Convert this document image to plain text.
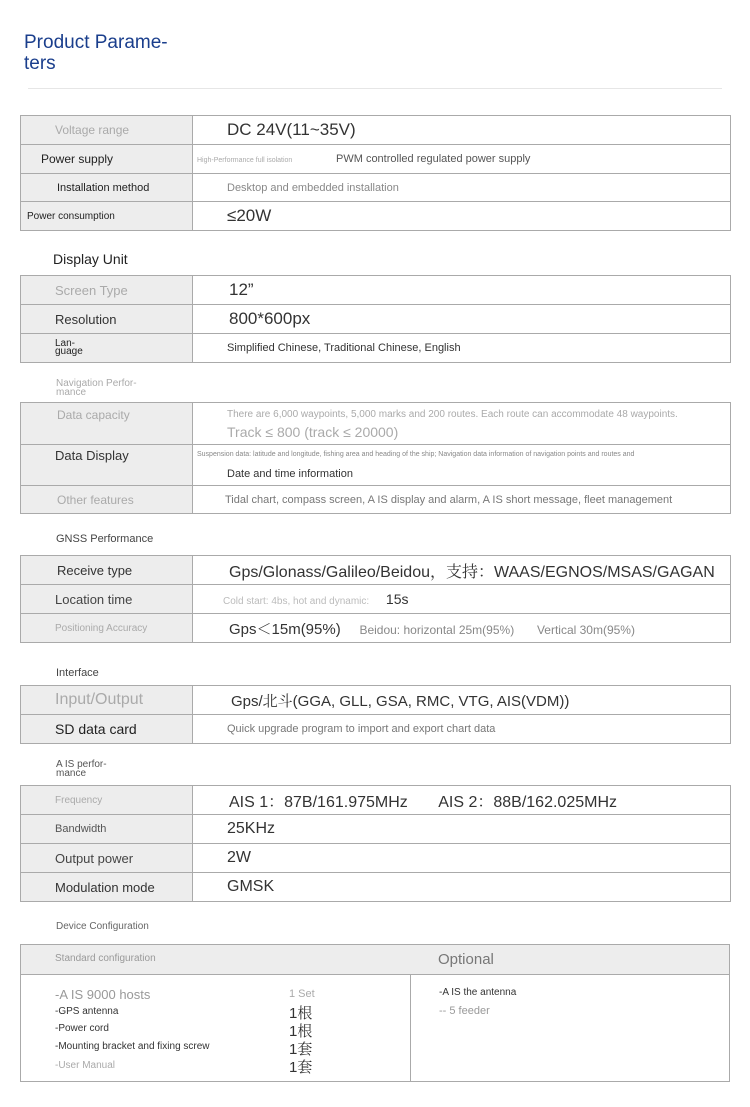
Product Parame-
ters
Voltage range	DC 24V(11~35V)
Power supply	High-Performance full isolation PWM controlled regulated power supply
Installation method	Desktop and embedded installation
Power consumption	≤20W
Display Unit
Screen Type	12”
Resolution	800*600px
Lan-
guage	Simplified Chinese, Traditional Chinese, English
Navigation Perfor-
mance
Data capacity	There are 6,000 waypoints, 5,000 marks and 200 routes. Each route can accommodate 48 waypoints.
Track ≤ 800 (track ≤ 20000)

Data Display	Suspension data: latitude and longitude, fishing area and heading of the ship; Navigation data information of navigation points and routes and
Date and time information

Other features	Tidal chart, compass screen, A IS display and alarm, A IS short message, fleet management
GNSS Performance
Receive type	Gps/Glonass/Galileo/Beidou，支持：WAAS/EGNOS/MSAS/GAGAN
Location time	Cold start: 4bs, hot and dynamic: 15s
Positioning Accuracy	Gps＜15m(95%) Beidou: horizontal 25m(95%) Vertical 30m(95%)
Interface
Input/Output	Gps/北斗(GGA, GLL, GSA, RMC, VTG, AIS(VDM))
SD data card	Quick upgrade program to import and export chart data
A IS perfor-
mance
Frequency	AIS 1：87B/161.975MHz AIS 2：88B/162.025MHz
Bandwidth	25KHz
Output power	2W
Modulation mode	GMSK
Device Configuration
Standard configuration	Optional
-A IS 9000 hosts	1 Set
-GPS antenna	1根
-Power cord	1根
-Mounting bracket and fixing screw	1套
-User Manual	1套
-A IS the antenna
-- 5 feeder
